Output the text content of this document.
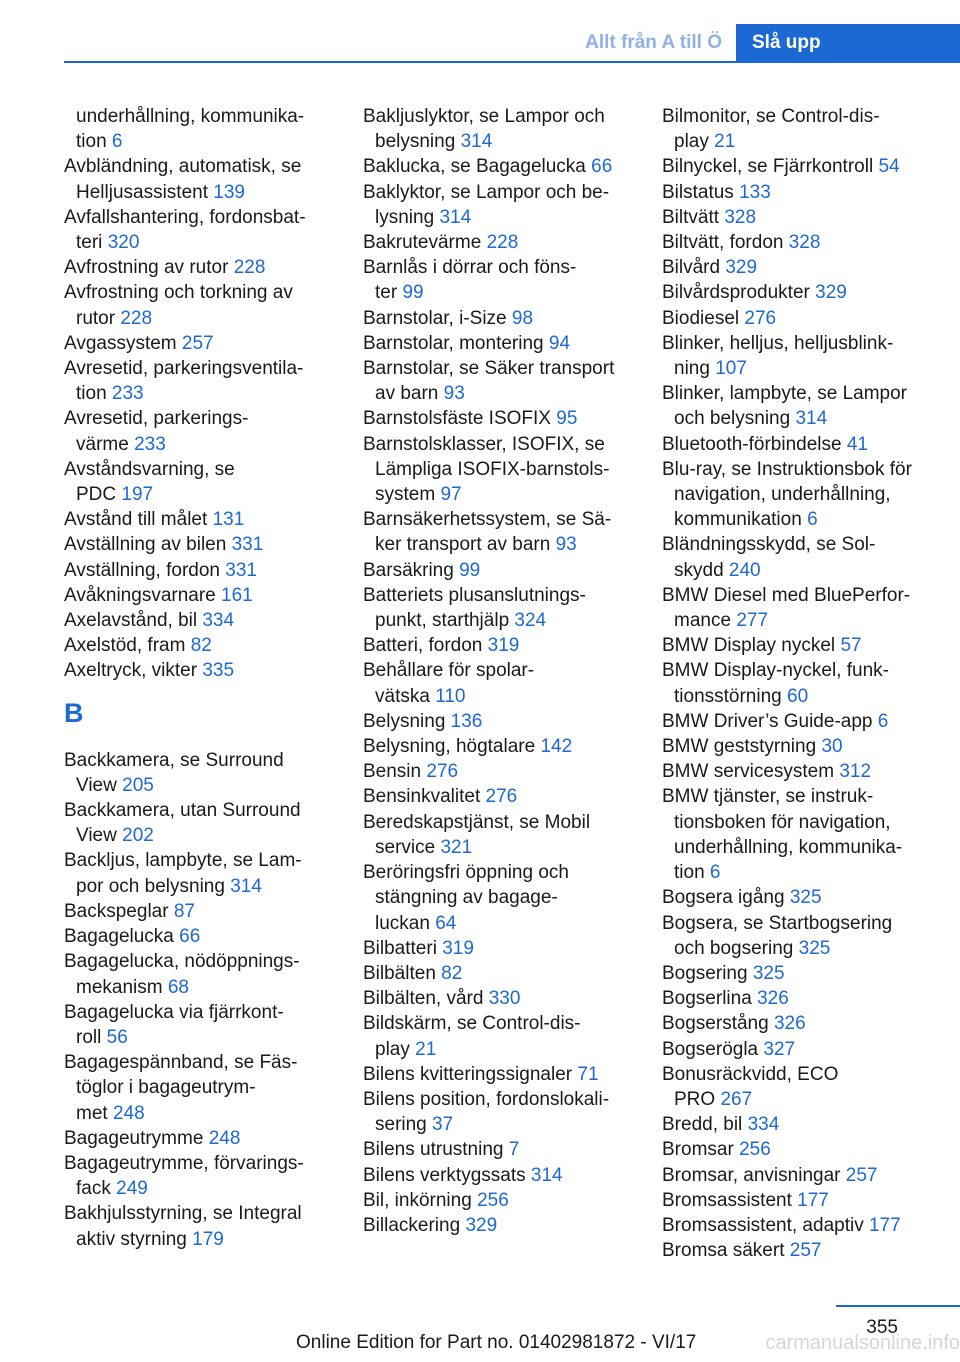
Allt från A till Ö	Slå upp
underhållning, kommunika-
tion 6
Avbländning, automatisk, se
Helljusassistent 139
Avfallshantering, fordonsbat-
teri 320
Avfrostning av rutor 228
Avfrostning och torkning av
rutor 228
Avgassystem 257
Avresetid, parkeringsventila-
tion 233
Avresetid, parkerings-
värme 233
Avståndsvarning, se
PDC 197
Avstånd till målet 131
Avställning av bilen 331
Avställning, fordon 331
Avåkningsvarnare 161
Axelavstånd, bil 334
Axelstöd, fram 82
Axeltryck, vikter 335
B
Backkamera, se Surround
View 205
Backkamera, utan Surround
View 202
Backljus, lampbyte, se Lam-
por och belysning 314
Backspeglar 87
Bagagelucka 66
Bagagelucka, nödöppnings-
mekanism 68
Bagagelucka via fjärrkont-
roll 56
Bagagespännband, se Fäs-
töglor i bagageutrym-
met 248
Bagageutrymme 248
Bagageutrymme, förvarings-
fack 249
Bakhjulsstyrning, se Integral
aktiv styrning 179
Bakljuslyktor, se Lampor och
belysning 314
Baklucka, se Bagagelucka 66
Baklyktor, se Lampor och be-
lysning 314
Bakrutevärme 228
Barnlås i dörrar och föns-
ter 99
Barnstolar, i-Size 98
Barnstolar, montering 94
Barnstolar, se Säker transport
av barn 93
Barnstolsfäste ISOFIX 95
Barnstolsklasser, ISOFIX, se
Lämpliga ISOFIX-barnstols-
system 97
Barnsäkerhetssystem, se Sä-
ker transport av barn 93
Barsäkring 99
Batteriets plusanslutnings-
punkt, starthjälp 324
Batteri, fordon 319
Behållare för spolar-
vätska 110
Belysning 136
Belysning, högtalare 142
Bensin 276
Bensinkvalitet 276
Beredskapstjänst, se Mobil
service 321
Beröringsfri öppning och
stängning av bagage-
luckan 64
Bilbatteri 319
Bilbälten 82
Bilbälten, vård 330
Bildskärm, se Control-dis-
play 21
Bilens kvitteringssignaler 71
Bilens position, fordonslokali-
sering 37
Bilens utrustning 7
Bilens verktygssats 314
Bil, inkörning 256
Billackering 329
Bilmonitor, se Control-dis-
play 21
Bilnyckel, se Fjärrkontroll 54
Bilstatus 133
Biltvätt 328
Biltvätt, fordon 328
Bilvård 329
Bilvårdsprodukter 329
Biodiesel 276
Blinker, helljus, helljusblink-
ning 107
Blinker, lampbyte, se Lampor
och belysning 314
Bluetooth-förbindelse 41
Blu-ray, se Instruktionsbok för
navigation, underhållning,
kommunikation 6
Bländningsskydd, se Sol-
skydd 240
BMW Diesel med BluePerfor-
mance 277
BMW Display nyckel 57
BMW Display-nyckel, funk-
tionsstörning 60
BMW Driver’s Guide-app 6
BMW geststyrning 30
BMW servicesystem 312
BMW tjänster, se instruk-
tionsboken för navigation,
underhållning, kommunika-
tion 6
Bogsera igång 325
Bogsera, se Startbogsering
och bogsering 325
Bogsering 325
Bogserlina 326
Bogserstång 326
Bogserögla 327
Bonusräckvidd, ECO
PRO 267
Bredd, bil 334
Bromsar 256
Bromsar, anvisningar 257
Bromsassistent 177
Bromsassistent, adaptiv 177
Bromsa säkert 257
355
Online Edition for Part no. 01402981872 - VI/17	carmanualsonline.info
